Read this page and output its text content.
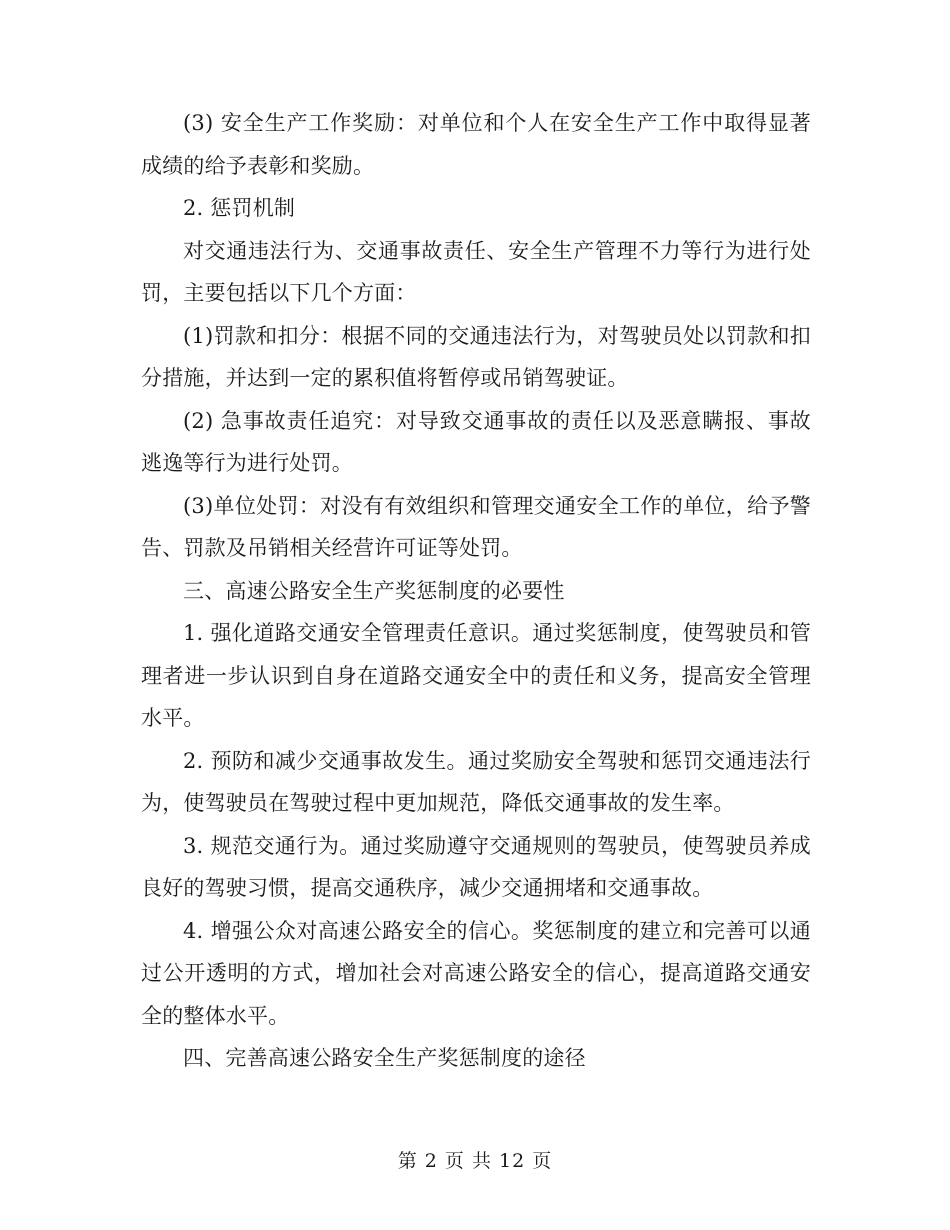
(3) 安全生产工作奖励：对单位和个人在安全生产工作中取得显著成绩的给予表彰和奖励。

2. 惩罚机制

对交通违法行为、交通事故责任、安全生产管理不力等行为进行处罚，主要包括以下几个方面：

(1)罚款和扣分：根据不同的交通违法行为，对驾驶员处以罚款和扣分措施，并达到一定的累积值将暂停或吊销驾驶证。

(2) 急事故责任追究：对导致交通事故的责任以及恶意瞒报、事故逃逸等行为进行处罚。

(3)单位处罚：对没有有效组织和管理交通安全工作的单位，给予警告、罚款及吊销相关经营许可证等处罚。

三、高速公路安全生产奖惩制度的必要性

1. 强化道路交通安全管理责任意识。通过奖惩制度，使驾驶员和管理者进一步认识到自身在道路交通安全中的责任和义务，提高安全管理水平。

2. 预防和减少交通事故发生。通过奖励安全驾驶和惩罚交通违法行为，使驾驶员在驾驶过程中更加规范，降低交通事故的发生率。

3. 规范交通行为。通过奖励遵守交通规则的驾驶员，使驾驶员养成良好的驾驶习惯，提高交通秩序，减少交通拥堵和交通事故。

4. 增强公众对高速公路安全的信心。奖惩制度的建立和完善可以通过公开透明的方式，增加社会对高速公路安全的信心，提高道路交通安全的整体水平。

四、完善高速公路安全生产奖惩制度的途径

第 2 页 共 12 页
